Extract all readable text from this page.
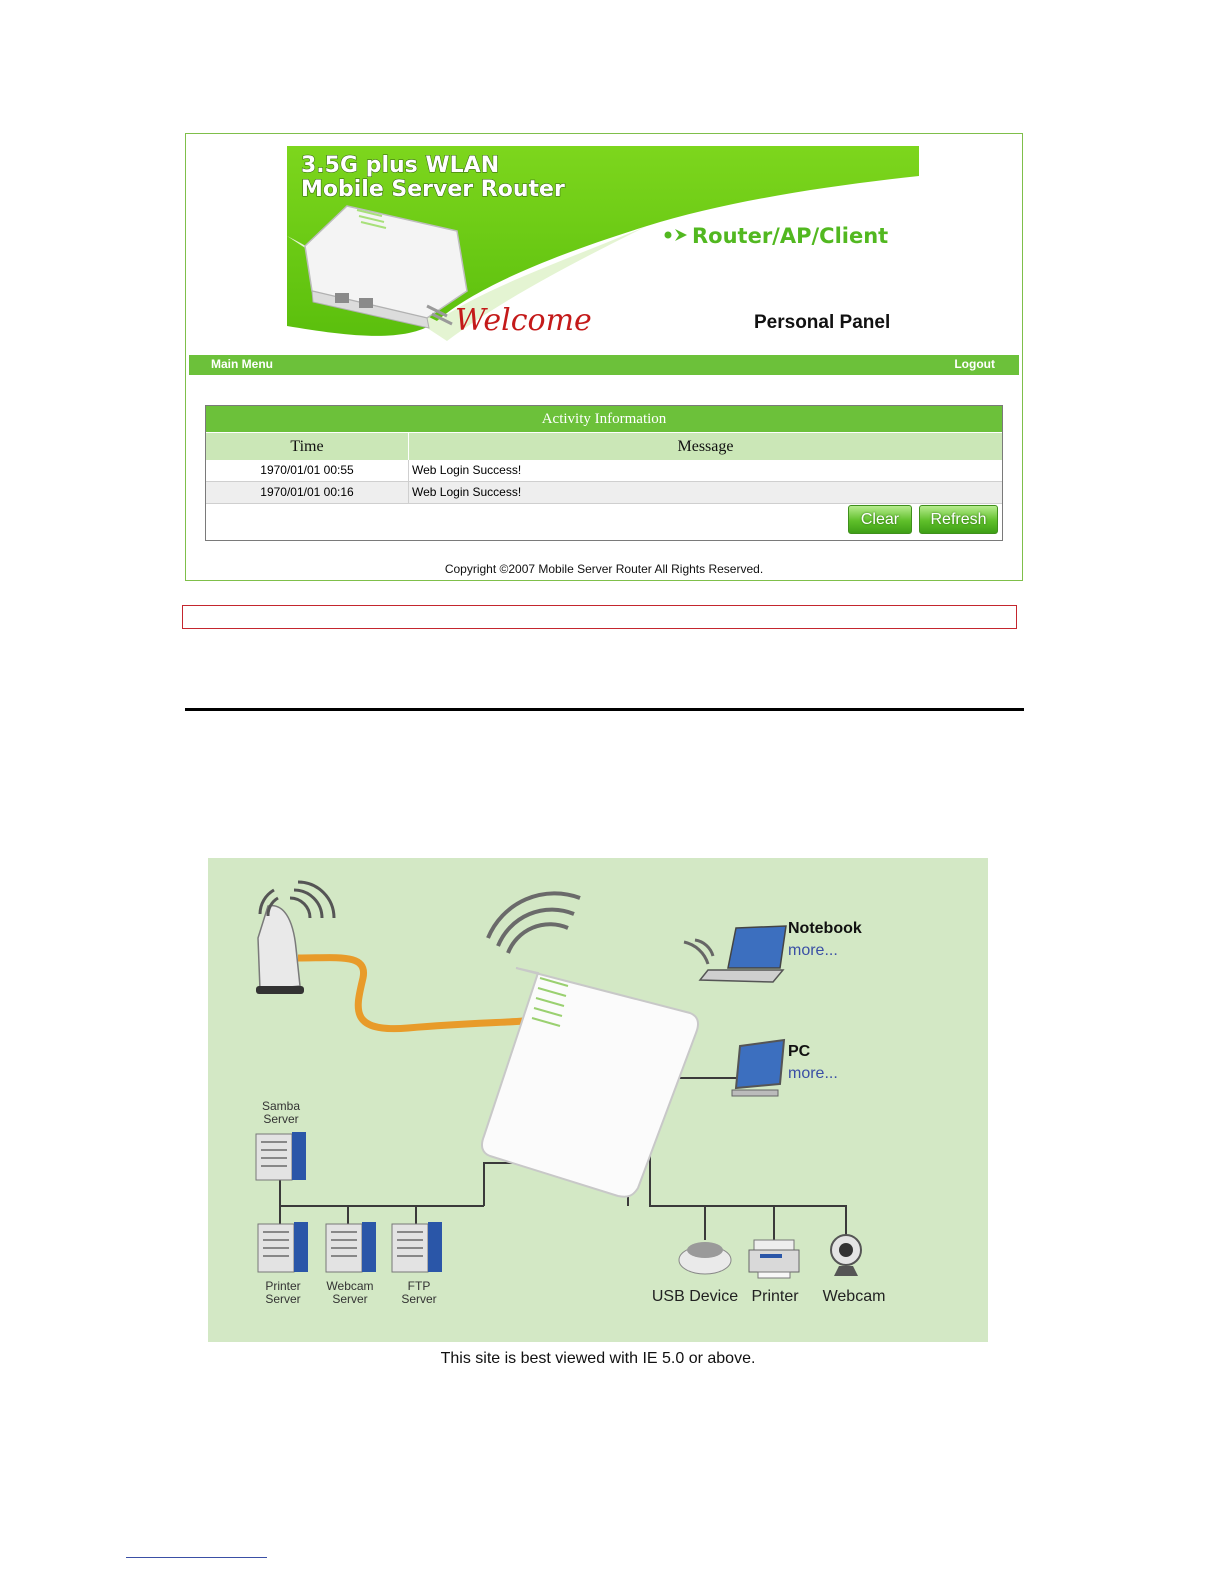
3.5G plus WLAN
Mobile Server Router
Router/AP/Client
Welcome	Personal Panel
Main Menu	Logout
Activity Information
Time	Message
1970/01/01 00:55	Web Login Success!
1970/01/01 00:16	Web Login Success!
Clear	Refresh
Copyright ©2007 Mobile Server Router All Rights Reserved.
Notebook
more...
PC
more...
Samba
Server
Printer
Server
Webcam
Server
FTP
Server	USB Device Printer Webcam
This site is best viewed with IE 5.0 or above.
